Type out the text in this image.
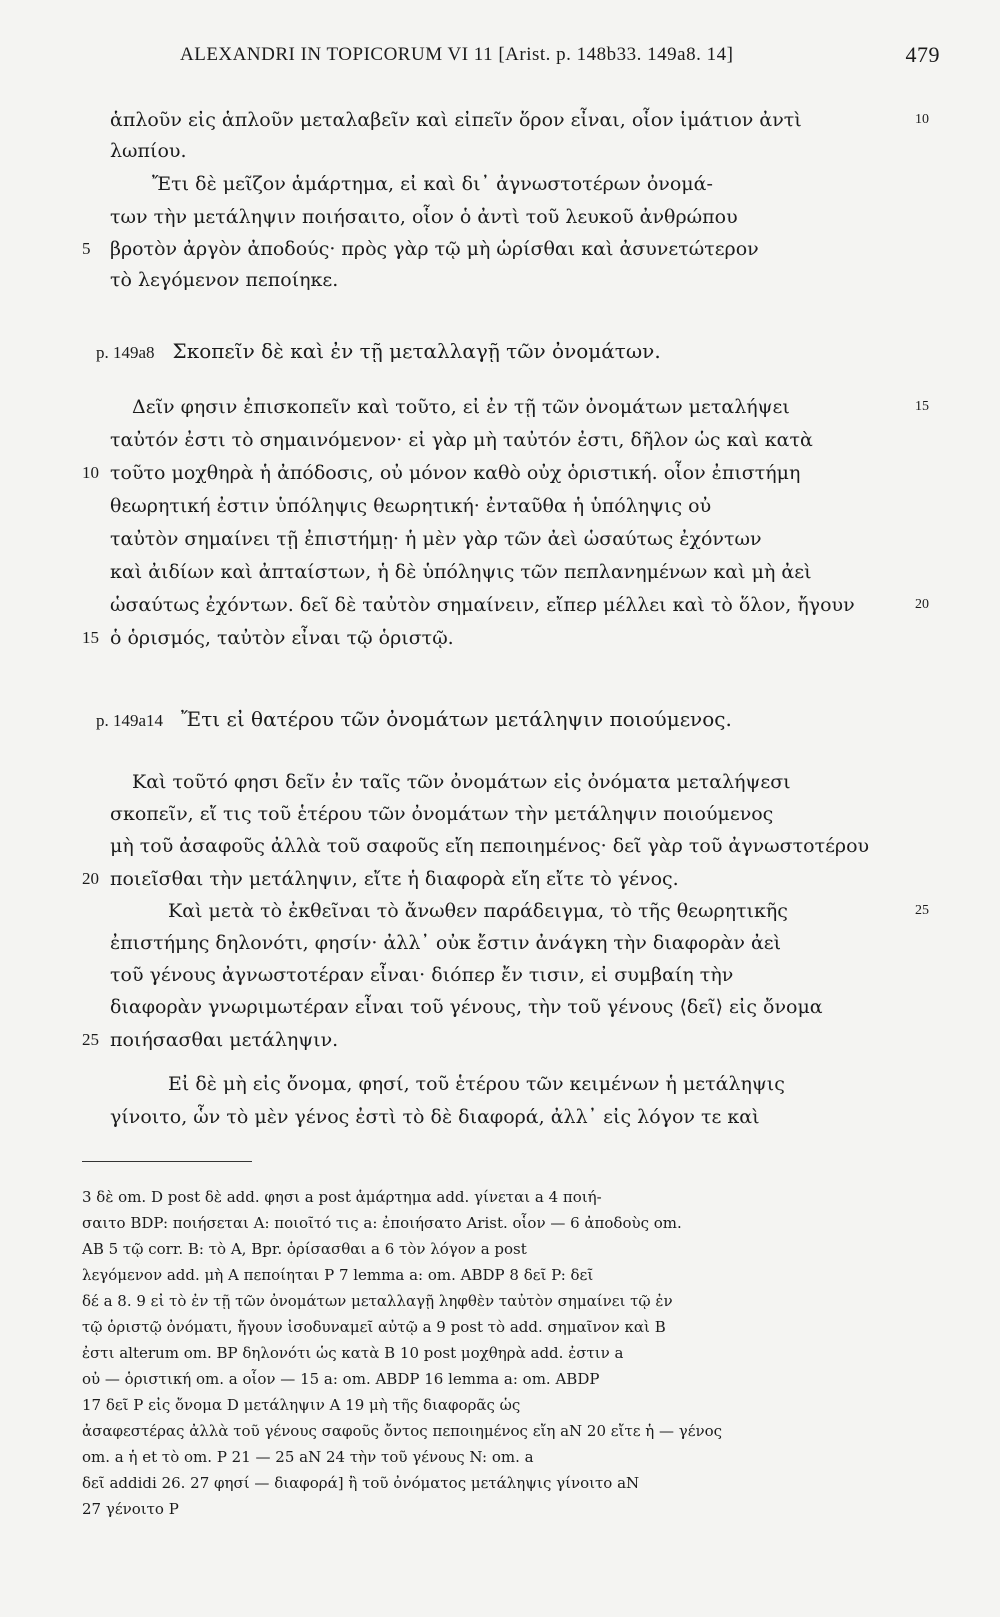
ALEXANDRI IN TOPICORUM VI 11 [Arist. p. 148b33. 149a8. 14]	479
ἁπλοῦν εἰς ἁπλοῦν μεταλαβεῖν καὶ εἰπεῖν ὅρον εἶναι, οἷον ἱμάτιον ἀντὶ	10
λωπίου.
Ἔτι δὲ μεῖζον ἁμάρτημα, εἰ καὶ δι᾽ ἀγνωστοτέρων ὀνομά-
των τὴν μετάληψιν ποιήσαιτο, οἷον ὁ ἀντὶ τοῦ λευκοῦ ἀνθρώπου
5	βροτὸν ἀργὸν ἀποδούς· πρὸς γὰρ τῷ μὴ ὡρίσθαι καὶ ἀσυνετώτερον
τὸ λεγόμενον πεποίηκε.
p. 149a8 Σκοπεῖν δὲ καὶ ἐν τῇ μεταλλαγῇ τῶν ὀνομάτων.
Δεῖν φησιν ἐπισκοπεῖν καὶ τοῦτο, εἰ ἐν τῇ τῶν ὀνομάτων μεταλήψει	15
ταὐτόν ἐστι τὸ σημαινόμενον· εἰ γὰρ μὴ ταὐτόν ἐστι, δῆλον ὡς καὶ κατὰ
10 τοῦτο μοχθηρὰ ἡ ἀπόδοσις, οὐ μόνον καθὸ οὐχ ὁριστική. οἷον ἐπιστήμη
θεωρητική ἐστιν ὑπόληψις θεωρητική· ἐνταῦθα ἡ ὑπόληψις οὐ
ταὐτὸν σημαίνει τῇ ἐπιστήμῃ· ἡ μὲν γὰρ τῶν ἀεὶ ὡσαύτως ἐχόντων
καὶ ἀιδίων καὶ ἀπταίστων, ἡ δὲ ὑπόληψις τῶν πεπλανημένων καὶ μὴ ἀεὶ
ὡσαύτως ἐχόντων. δεῖ δὲ ταὐτὸν σημαίνειν, εἴπερ μέλλει καὶ τὸ ὅλον, ἤγουν	20
15 ὁ ὁρισμός, ταὐτὸν εἶναι τῷ ὁριστῷ.
p. 149a14 Ἔτι εἰ θατέρου τῶν ὀνομάτων μετάληψιν ποιούμενος.
Καὶ τοῦτό φησι δεῖν ἐν ταῖς τῶν ὀνομάτων εἰς ὀνόματα μεταλήψεσι
σκοπεῖν, εἴ τις τοῦ ἑτέρου τῶν ὀνομάτων τὴν μετάληψιν ποιούμενος
μὴ τοῦ ἀσαφοῦς ἀλλὰ τοῦ σαφοῦς εἴη πεποιημένος· δεῖ γὰρ τοῦ ἀγνωστοτέρου
20 ποιεῖσθαι τὴν μετάληψιν, εἴτε ἡ διαφορὰ εἴη εἴτε τὸ γένος.
Καὶ μετὰ τὸ ἐκθεῖναι τὸ ἄνωθεν παράδειγμα, τὸ τῆς θεωρητικῆς	25
ἐπιστήμης δηλονότι, φησίν· ἀλλ᾽ οὐκ ἔστιν ἀνάγκη τὴν διαφορὰν ἀεὶ
τοῦ γένους ἀγνωστοτέραν εἶναι· διόπερ ἔν τισιν, εἰ συμβαίη τὴν
διαφορὰν γνωριμωτέραν εἶναι τοῦ γένους, τὴν τοῦ γένους ⟨δεῖ⟩ εἰς ὄνομα
25 ποιήσασθαι μετάληψιν.
Εἰ δὲ μὴ εἰς ὄνομα, φησί, τοῦ ἑτέρου τῶν κειμένων ἡ μετάληψις
γίνοιτο, ὧν τὸ μὲν γένος ἐστὶ τὸ δὲ διαφορά, ἀλλ᾽ εἰς λόγον τε καὶ
3 δὲ om. D post δὲ add. φησι a post ἁμάρτημα add. γίνεται a 4 ποιή-
σαιτο BDP: ποιήσεται A: ποιοῖτό τις a: ἐποιήσατο Arist. οἷον — 6 ἀποδοὺς om.
AB 5 τῷ corr. B: τὸ A, Bpr. ὁρίσασθαι a 6 τὸν λόγον a post
λεγόμενον add. μὴ A πεποίηται P 7 lemma a: om. ABDP 8 δεῖ P: δεῖ
δέ a 8. 9 εἰ τὸ ἐν τῇ τῶν ὀνομάτων μεταλλαγῇ ληφθὲν ταὐτὸν σημαίνει τῷ ἐν
τῷ ὁριστῷ ὀνόματι, ἤγουν ἰσοδυναμεῖ αὐτῷ a 9 post τὸ add. σημαῖνον καὶ B
ἐστι alterum om. BP δηλονότι ὡς κατὰ B 10 post μοχθηρὰ add. ἐστιν a
οὐ — ὁριστική om. a οἷον — 15 a: om. ABDP 16 lemma a: om. ABDP
17 δεῖ P εἰς ὄνομα D μετάληψιν A 19 μὴ τῆς διαφορᾶς ὡς
ἀσαφεστέρας ἀλλὰ τοῦ γένους σαφοῦς ὄντος πεποιημένος εἴη aN 20 εἴτε ἡ — γένος
om. a ἡ et τὸ om. P 21 — 25 aN 24 τὴν τοῦ γένους N: om. a
δεῖ addidi 26. 27 φησί — διαφορά] ἢ τοῦ ὀνόματος μετάληψις γίνοιτο aN
27 γένοιτο P
